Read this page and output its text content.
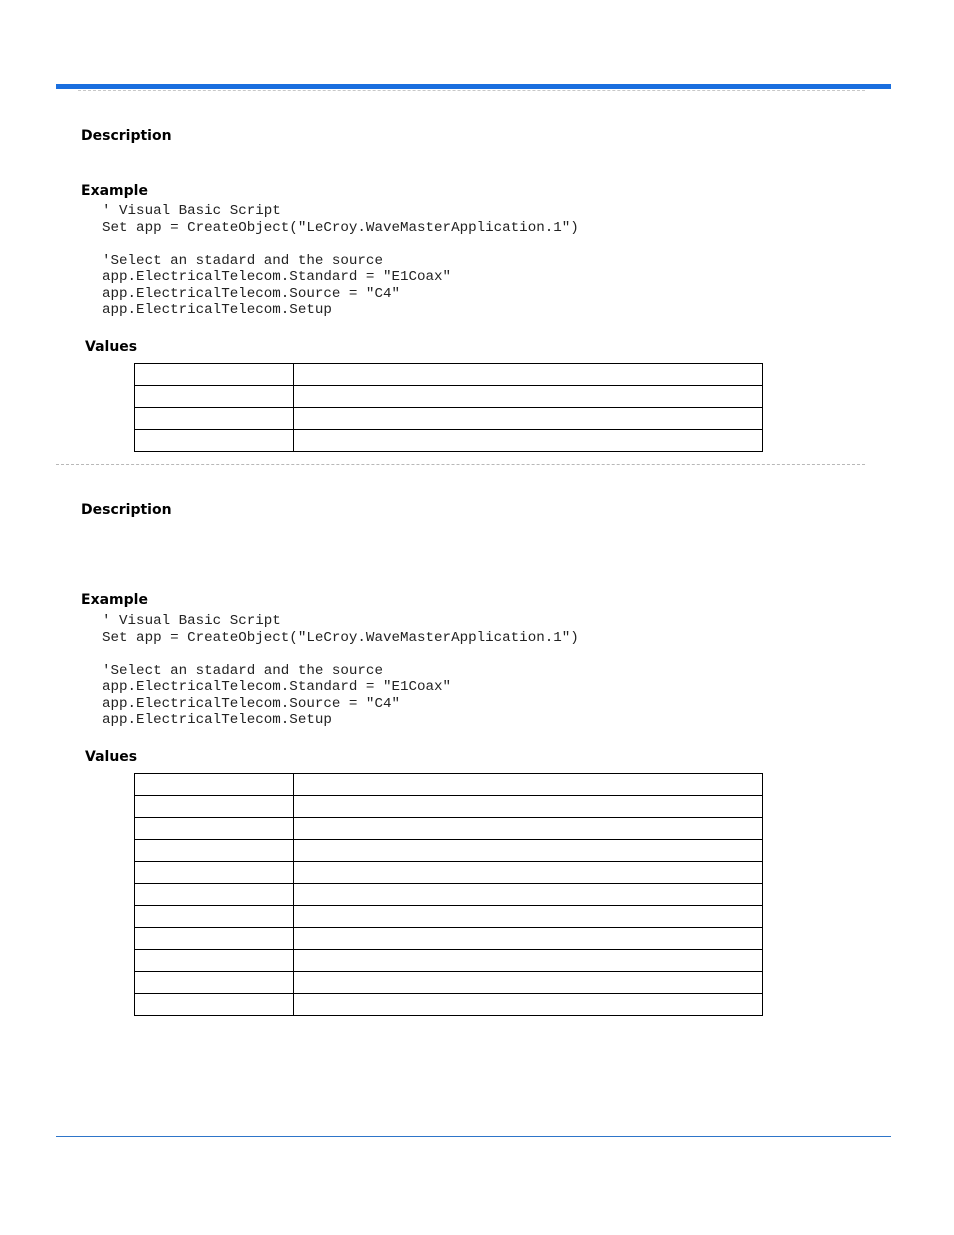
Description
Example
' Visual Basic Script
Set app = CreateObject("LeCroy.WaveMasterApplication.1")
'Select an stadard and the source
app.ElectricalTelecom.Standard = "E1Coax"
app.ElectricalTelecom.Source = "C4"
app.ElectricalTelecom.Setup
Values

Description
Example
' Visual Basic Script
Set app = CreateObject("LeCroy.WaveMasterApplication.1")
'Select an stadard and the source
app.ElectricalTelecom.Standard = "E1Coax"
app.ElectricalTelecom.Source = "C4"
app.ElectricalTelecom.Setup
Values
